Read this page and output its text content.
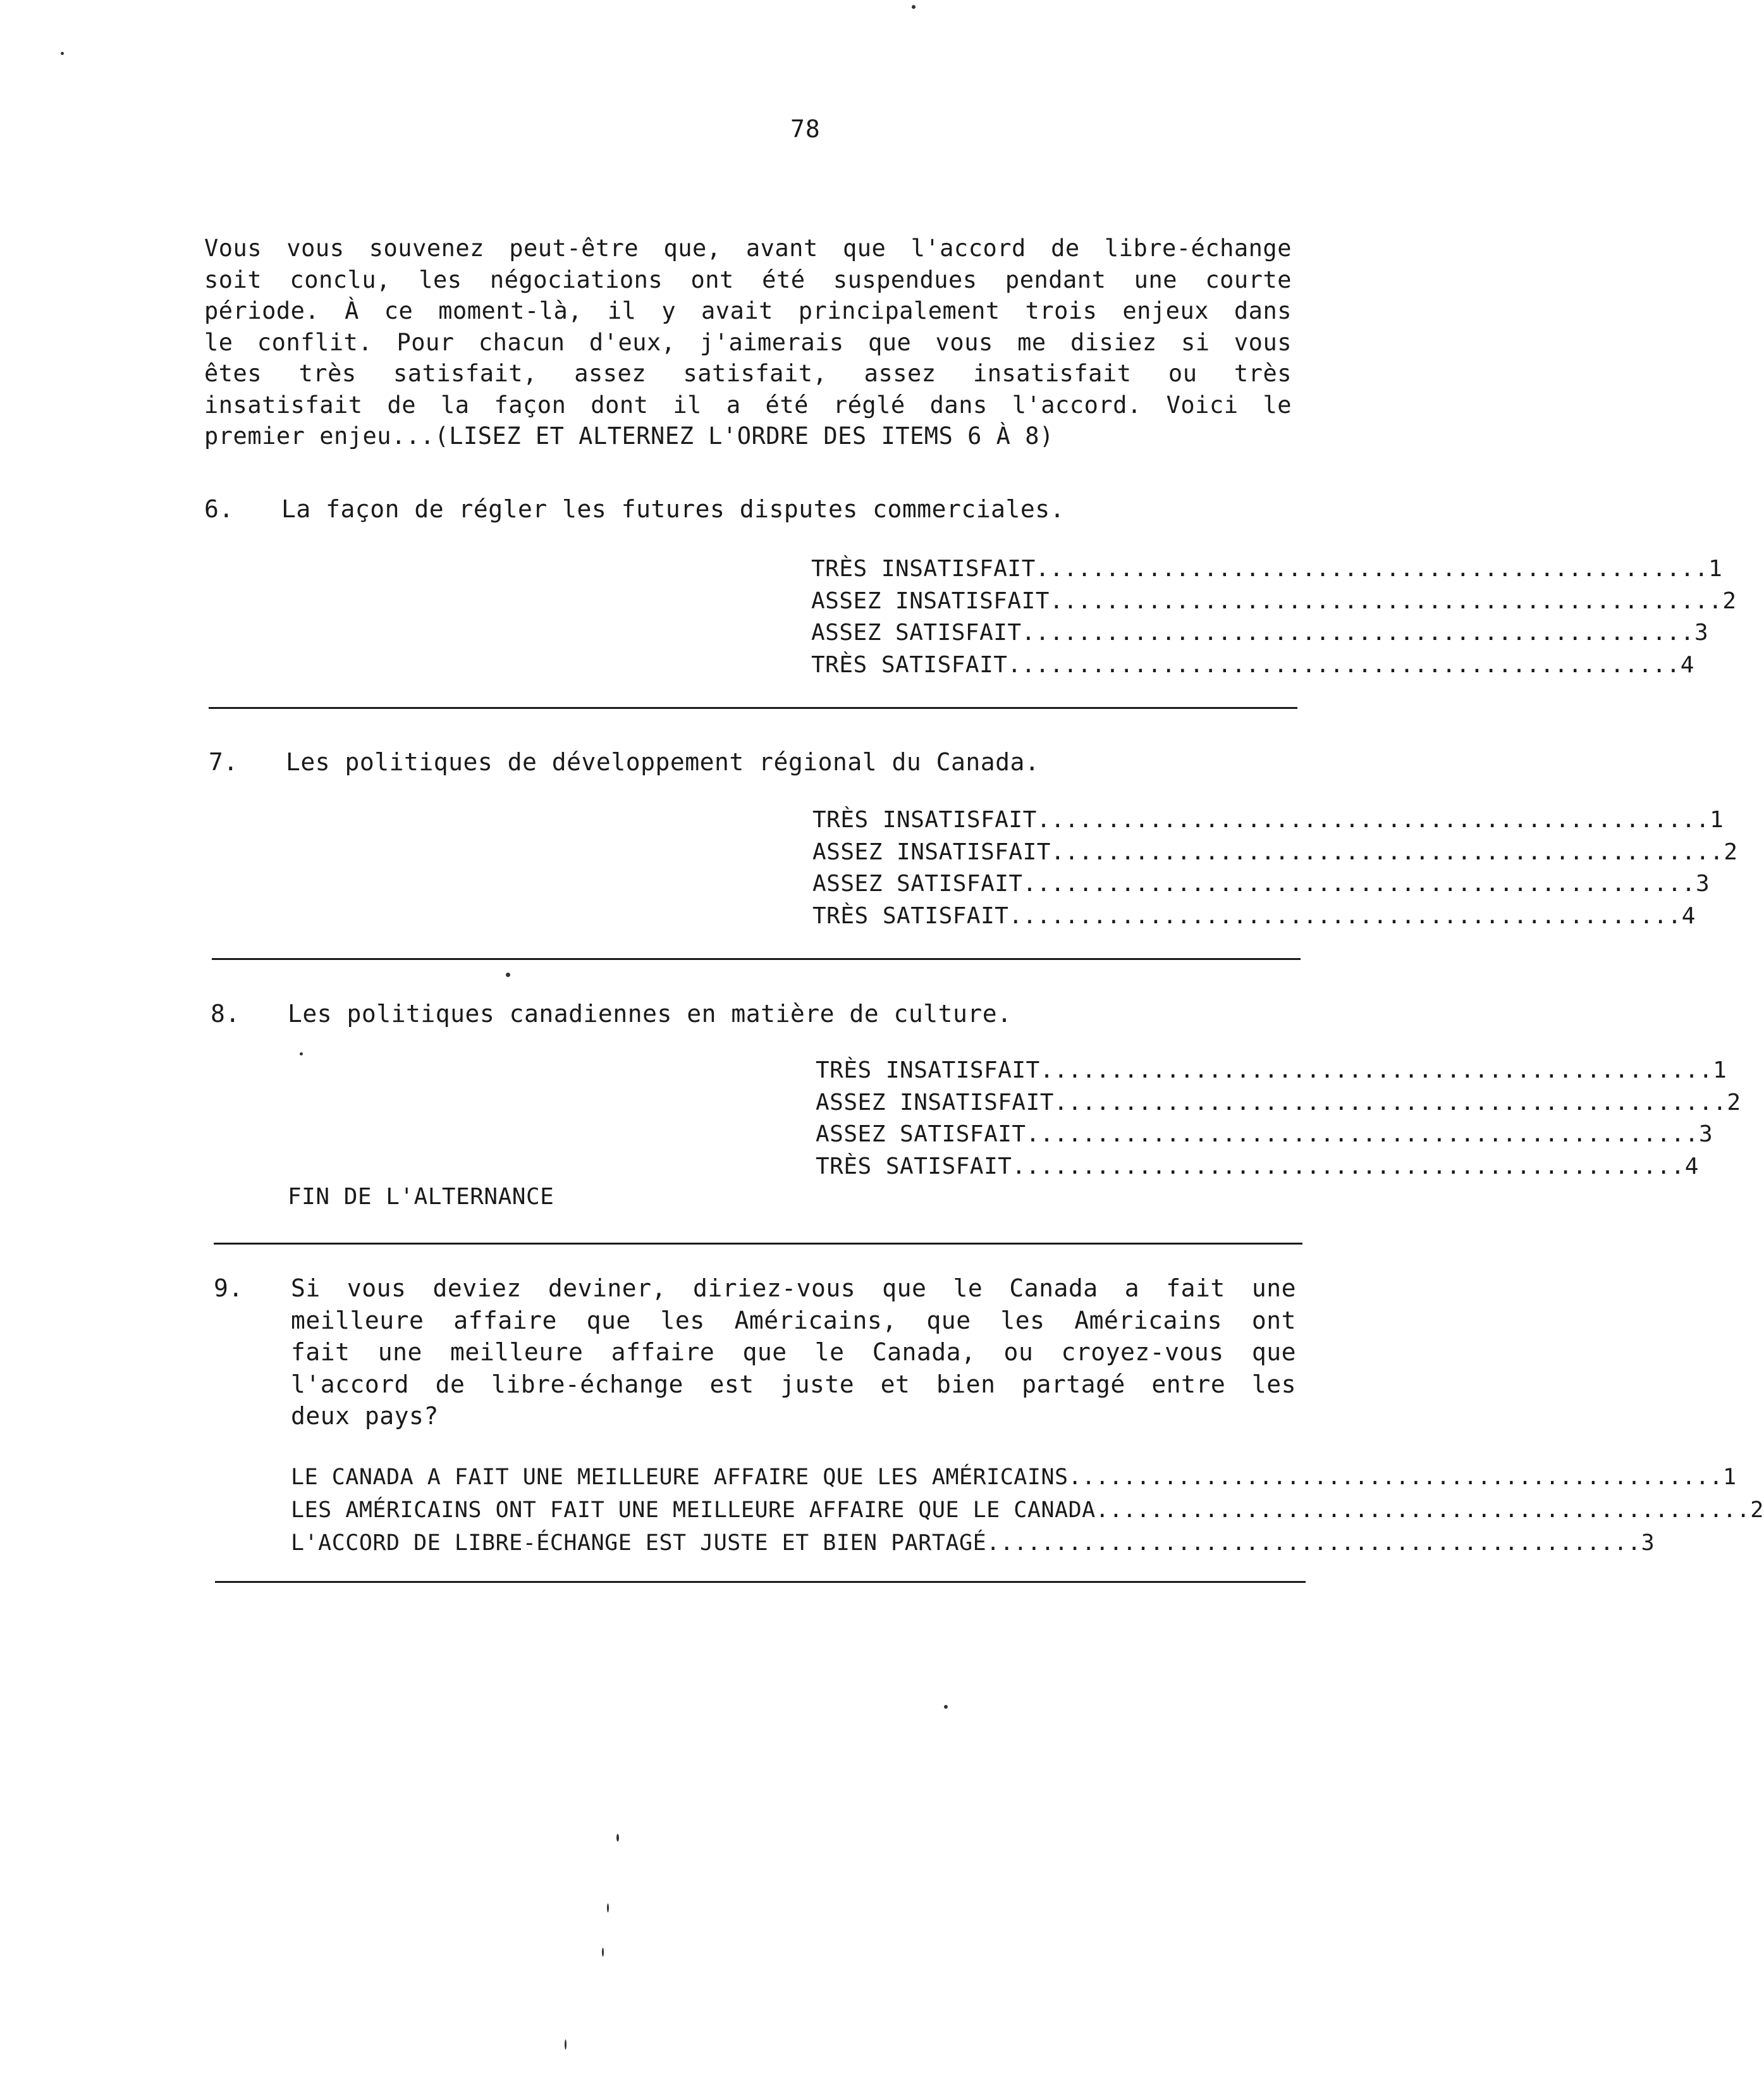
78
Vous vous souvenez peut-être que, avant que l'accord de libre-échange
soit conclu, les négociations ont été suspendues pendant une courte
période. À ce moment-là, il y avait principalement trois enjeux dans
le conflit. Pour chacun d'eux, j'aimerais que vous me disiez si vous
êtes très satisfait, assez satisfait, assez insatisfait ou très
insatisfait de la façon dont il a été réglé dans l'accord. Voici le
premier enjeu...(LISEZ ET ALTERNEZ L'ORDRE DES ITEMS 6 À 8)
6. La façon de régler les futures disputes commerciales.
TRÈS INSATISFAIT ................................................ 1
ASSEZ INSATISFAIT ................................................ 2
ASSEZ SATISFAIT ................................................ 3
TRÈS SATISFAIT ................................................ 4
7. Les politiques de développement régional du Canada.
TRÈS INSATISFAIT ................................................ 1
ASSEZ INSATISFAIT ................................................ 2
ASSEZ SATISFAIT ................................................ 3
TRÈS SATISFAIT ................................................ 4
8. Les politiques canadiennes en matière de culture.
TRÈS INSATISFAIT ................................................ 1
ASSEZ INSATISFAIT ................................................ 2
ASSEZ SATISFAIT ................................................ 3
TRÈS SATISFAIT ................................................ 4
FIN DE L'ALTERNANCE
9. Si vous deviez deviner, diriez-vous que le Canada a fait une
meilleure affaire que les Américains, que les Américains ont
fait une meilleure affaire que le Canada, ou croyez-vous que
l'accord de libre-échange est juste et bien partagé entre les
deux pays?
LE CANADA A FAIT UNE MEILLEURE AFFAIRE QUE LES AMÉRICAINS ................................................ 1
LES AMÉRICAINS ONT FAIT UNE MEILLEURE AFFAIRE QUE LE CANADA ................................................ 2
L'ACCORD DE LIBRE-ÉCHANGE EST JUSTE ET BIEN PARTAGÉ ................................................ 3
